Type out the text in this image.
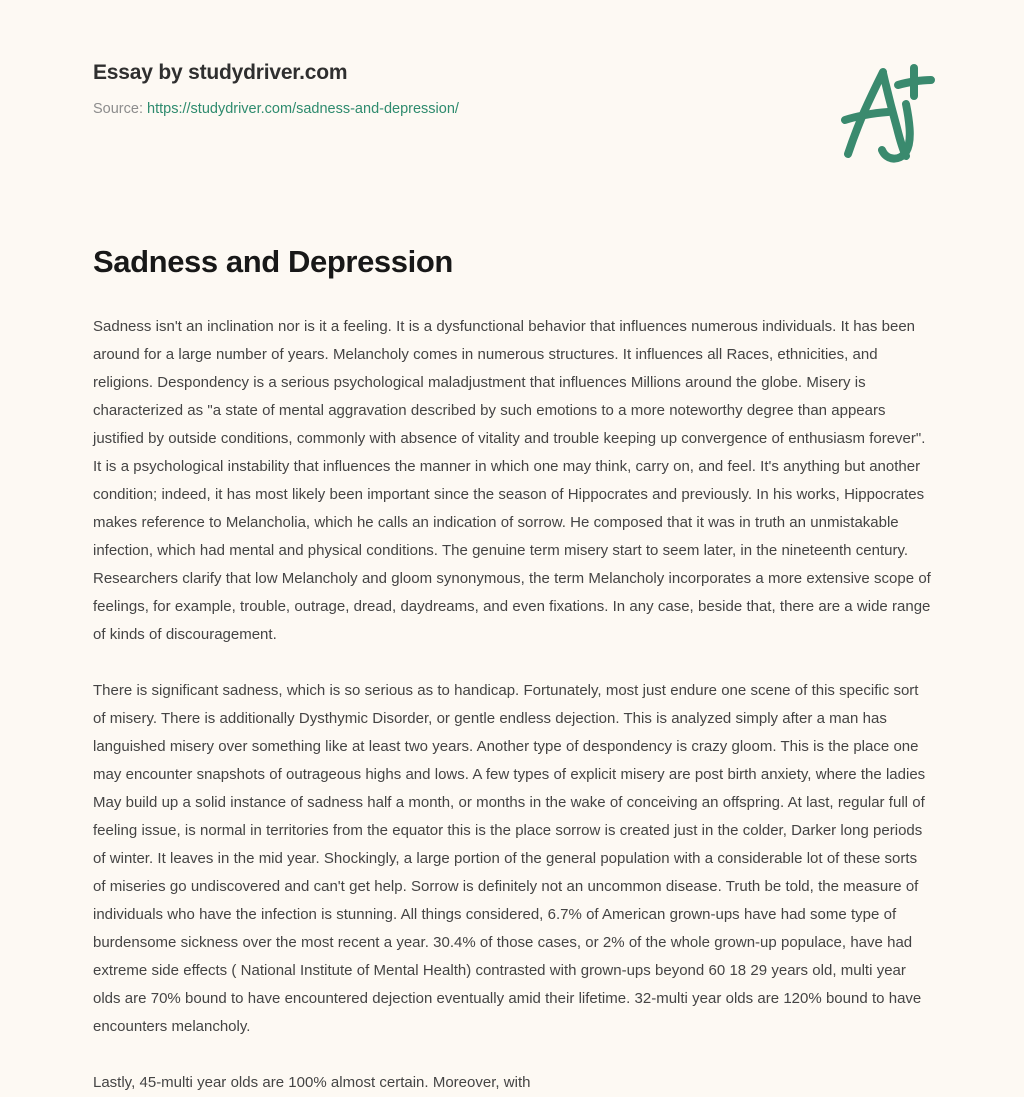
Essay by studydriver.com
Source: https://studydriver.com/sadness-and-depression/
Sadness and Depression

Sadness isn't an inclination nor is it a feeling. It is a dysfunctional behavior that influences numerous individuals. It has been around for a large number of years. Melancholy comes in numerous structures. It influences all Races, ethnicities, and religions. Despondency is a serious psychological maladjustment that influences Millions around the globe. Misery is characterized as "a state of mental aggravation described by such emotions to a more noteworthy degree than appears justified by outside conditions, commonly with absence of vitality and trouble keeping up convergence of enthusiasm forever". It is a psychological instability that influences the manner in which one may think, carry on, and feel. It's anything but another condition; indeed, it has most likely been important since the season of Hippocrates and previously. In his works, Hippocrates makes reference to Melancholia, which he calls an indication of sorrow. He composed that it was in truth an unmistakable infection, which had mental and physical conditions. The genuine term misery start to seem later, in the nineteenth century. Researchers clarify that low Melancholy and gloom synonymous, the term Melancholy incorporates a more extensive scope of feelings, for example, trouble, outrage, dread, daydreams, and even fixations. In any case, beside that, there are a wide range of kinds of discouragement.

There is significant sadness, which is so serious as to handicap. Fortunately, most just endure one scene of this specific sort of misery. There is additionally Dysthymic Disorder, or gentle endless dejection. This is analyzed simply after a man has languished misery over something like at least two years. Another type of despondency is crazy gloom. This is the place one may encounter snapshots of outrageous highs and lows. A few types of explicit misery are post birth anxiety, where the ladies May build up a solid instance of sadness half a month, or months in the wake of conceiving an offspring. At last, regular full of feeling issue, is normal in territories from the equator this is the place sorrow is created just in the colder, Darker long periods of winter. It leaves in the mid year. Shockingly, a large portion of the general population with a considerable lot of these sorts of miseries go undiscovered and can't get help. Sorrow is definitely not an uncommon disease. Truth be told, the measure of individuals who have the infection is stunning. All things considered, 6.7% of American grown-ups have had some type of burdensome sickness over the most recent a year. 30.4% of those cases, or 2% of the whole grown-up populace, have had extreme side effects ( National Institute of Mental Health) contrasted with grown-ups beyond 60 18 29 years old, multi year olds are 70% bound to have encountered dejection eventually amid their lifetime. 32-multi year olds are 120% bound to have encounters melancholy.

Lastly, 45-multi year olds are 100% almost certain. Moreover, with
